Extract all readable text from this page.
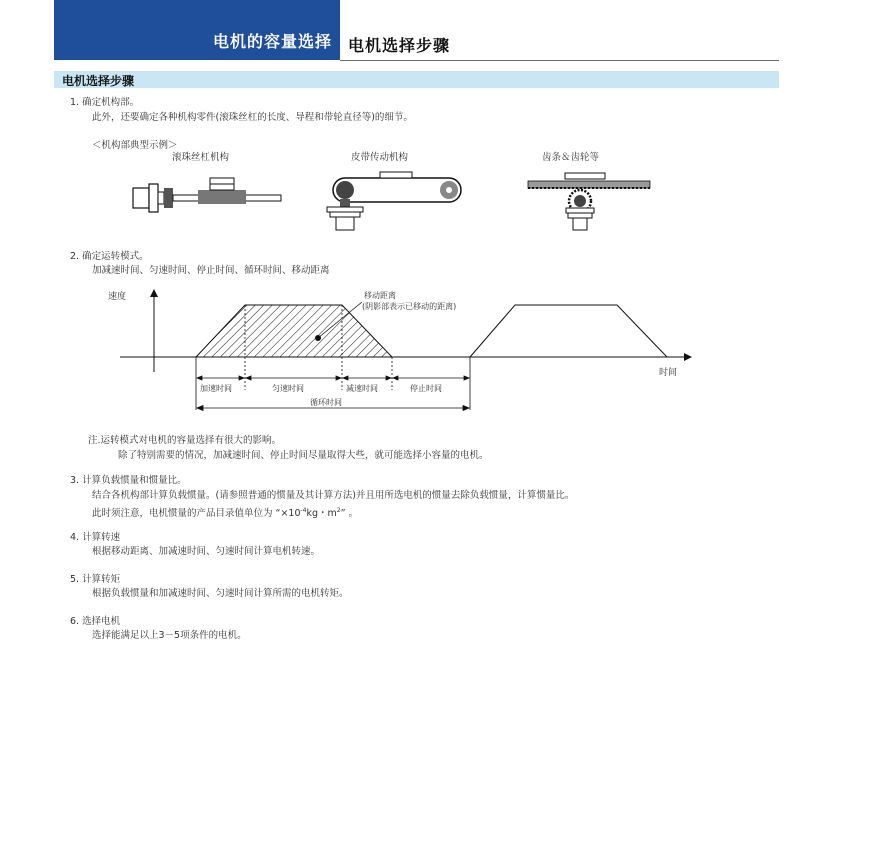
电机的容量选择 电机选择步骤
电机选择步骤
1. 确定机构部。
此外，还要确定各种机构零件(滚珠丝杠的长度、导程和带轮直径等)的细节。
＜机构部典型示例＞
滚珠丝杠机构	皮带传动机构	齿条＆齿轮等
2. 确定运转模式。
加减速时间、匀速时间、停止时间、循环时间、移动距离
速度
时间
移动距离
(阴影部表示已移动的距离)
加速时间	匀速时间	减速时间	停止时间
循环时间
注.运转模式对电机的容量选择有很大的影响。
除了特别需要的情况，加减速时间、停止时间尽量取得大些，就可能选择小容量的电机。
3. 计算负载惯量和惯量比。
结合各机构部计算负载惯量。(请参照普通的惯量及其计算方法)并且用所选电机的惯量去除负载惯量，计算惯量比。
此时须注意，电机惯量的产品目录值单位为 “$\times 10^{-4}kg$・$m^2$” 。
4. 计算转速
根据移动距离、加减速时间、匀速时间计算电机转速。
5. 计算转矩
根据负载惯量和加减速时间、匀速时间计算所需的电机转矩。
6. 选择电机
选择能满足以上3－5项条件的电机。
